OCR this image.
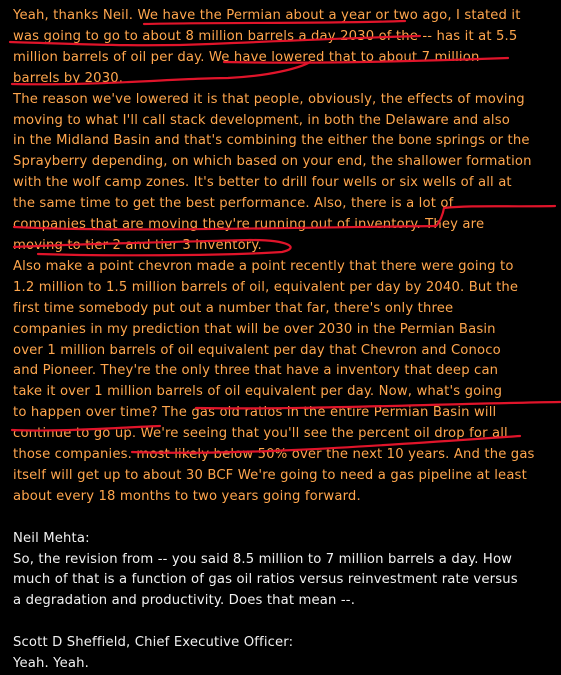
Yeah, thanks Neil. We have the Permian about a year or two ago, I stated it
was going to go to about 8 million barrels a day 2030 of the -- has it at 5.5
million barrels of oil per day. We have lowered that to about 7 million
barrels by 2030.
The reason we've lowered it is that people, obviously, the effects of moving
moving to what I'll call stack development, in both the Delaware and also
in the Midland Basin and that's combining the either the bone springs or the
Sprayberry depending, on which based on your end, the shallower formation
with the wolf camp zones. It's better to drill four wells or six wells of all at
the same time to get the best performance. Also, there is a lot of
companies that are moving they're running out of inventory. They are
moving to tier 2 and tier 3 inventory.
Also make a point chevron made a point recently that there were going to
1.2 million to 1.5 million barrels of oil, equivalent per day by 2040. But the
first time somebody put out a number that far, there's only three
companies in my prediction that will be over 2030 in the Permian Basin
over 1 million barrels of oil equivalent per day that Chevron and Conoco
and Pioneer. They're the only three that have a inventory that deep can
take it over 1 million barrels of oil equivalent per day. Now, what's going
to happen over time? The gas old ratios in the entire Permian Basin will
continue to go up. We're seeing that you'll see the percent oil drop for all
those companies. most likely below 50% over the next 10 years. And the gas
itself will get up to about 30 BCF We're going to need a gas pipeline at least
about every 18 months to two years going forward.
Neil Mehta:
So, the revision from -- you said 8.5 million to 7 million barrels a day. How
much of that is a function of gas oil ratios versus reinvestment rate versus
a degradation and productivity. Does that mean --.
Scott D Sheffield, Chief Executive Officer:
Yeah. Yeah.
